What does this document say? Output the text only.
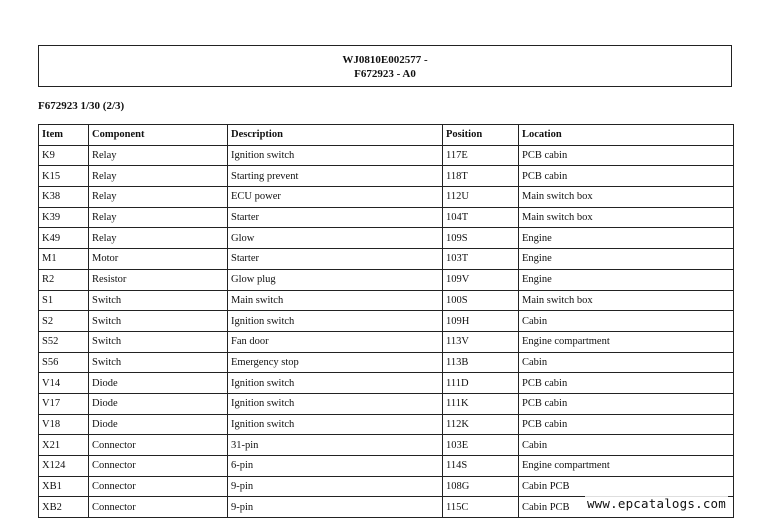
WJ0810E002577 -
F672923 - A0
F672923 1/30 (2/3)
Item	Component	Description	Position	Location
K9	Relay	Ignition switch	117E	PCB cabin
K15	Relay	Starting prevent	118T	PCB cabin
K38	Relay	ECU power	112U	Main switch box
K39	Relay	Starter	104T	Main switch box
K49	Relay	Glow	109S	Engine
M1	Motor	Starter	103T	Engine
R2	Resistor	Glow plug	109V	Engine
S1	Switch	Main switch	100S	Main switch box
S2	Switch	Ignition switch	109H	Cabin
S52	Switch	Fan door	113V	Engine compartment
S56	Switch	Emergency stop	113B	Cabin
V14	Diode	Ignition switch	111D	PCB cabin
V17	Diode	Ignition switch	111K	PCB cabin
V18	Diode	Ignition switch	112K	PCB cabin
X21	Connector	31-pin	103E	Cabin
X124	Connector	6-pin	114S	Engine compartment
XB1	Connector	9-pin	108G	Cabin PCB
XB2	Connector	9-pin	115C	Cabin PCB www.epcatalogs.com
